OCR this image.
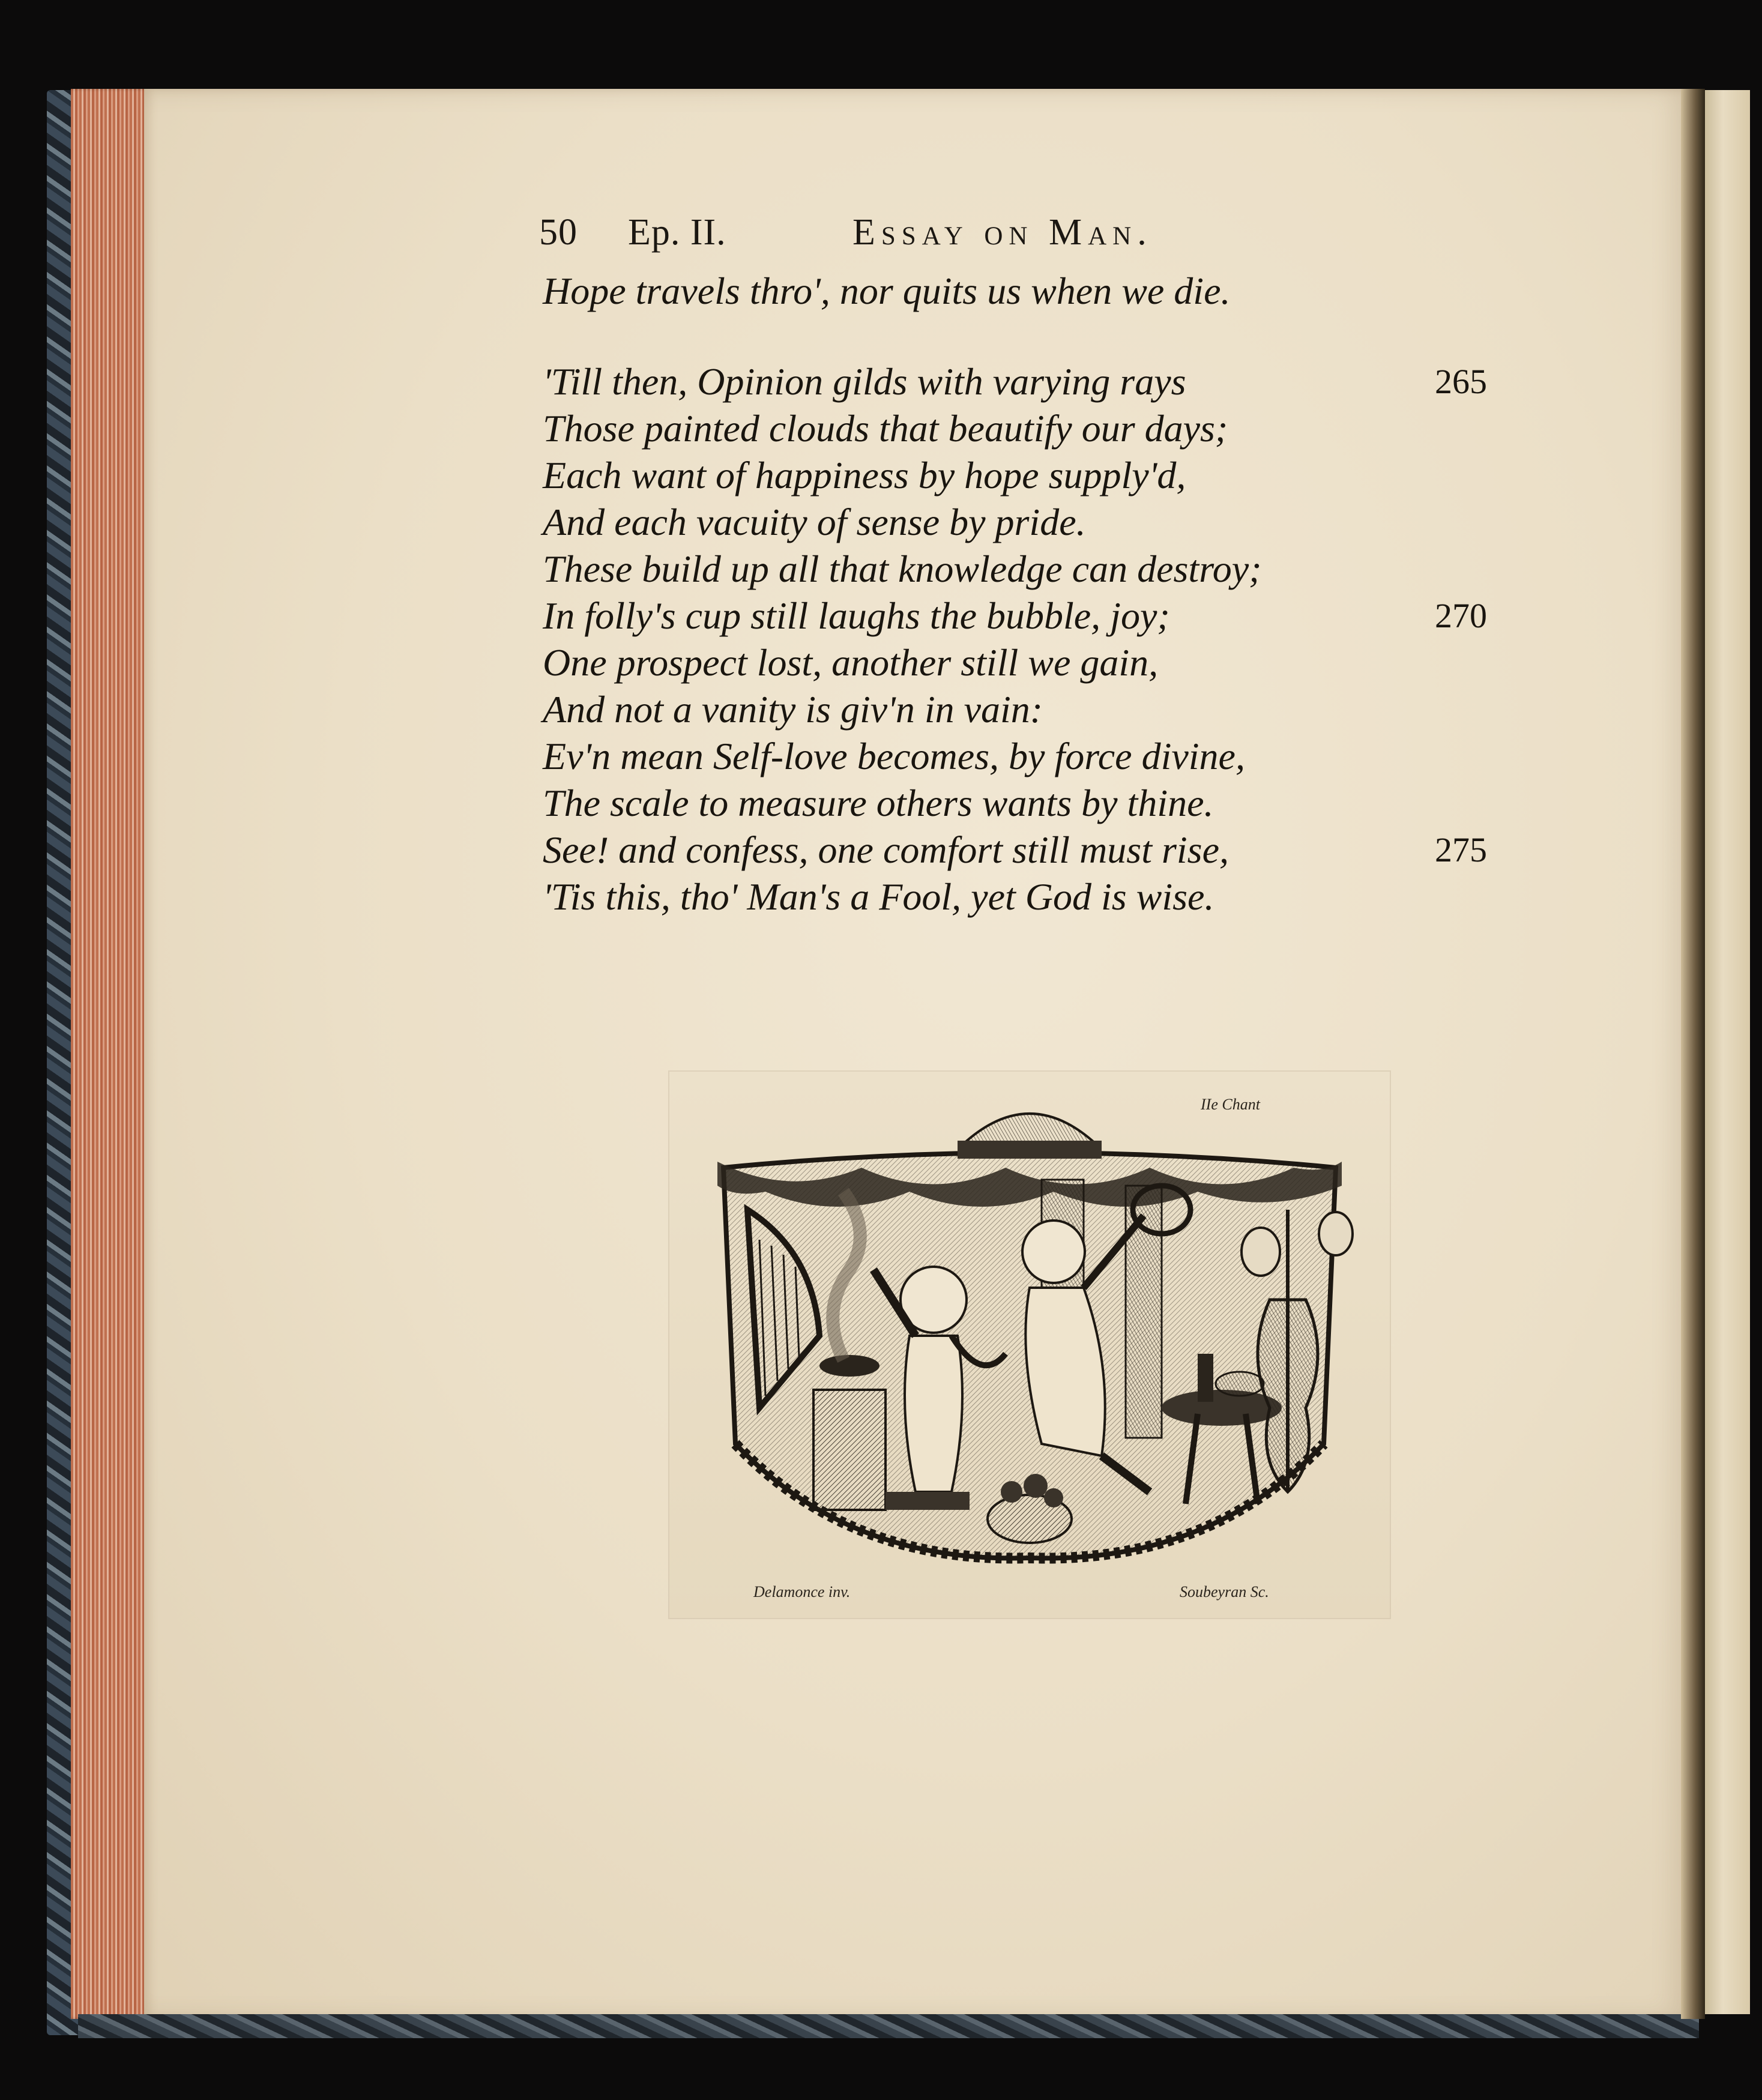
50 Ep. II.	Essay on Man.
Hope travels thro', nor quits us when we die.
'Till then, Opinion gilds with varying rays
Those painted clouds that beautify our days;
Each want of happiness by hope supply'd,
And each vacuity of sense by pride.
These build up all that knowledge can destroy;
In folly's cup still laughs the bubble, joy;
One prospect lost, another still we gain,
And not a vanity is giv'n in vain:
Ev'n mean Self-love becomes, by force divine,
The scale to measure others wants by thine.
See! and confess, one comfort still must rise,
'Tis this, tho' Man's a Fool, yet God is wise.
265
270
275
IIe Chant
Delamonce inv.	Soubeyran Sc.
